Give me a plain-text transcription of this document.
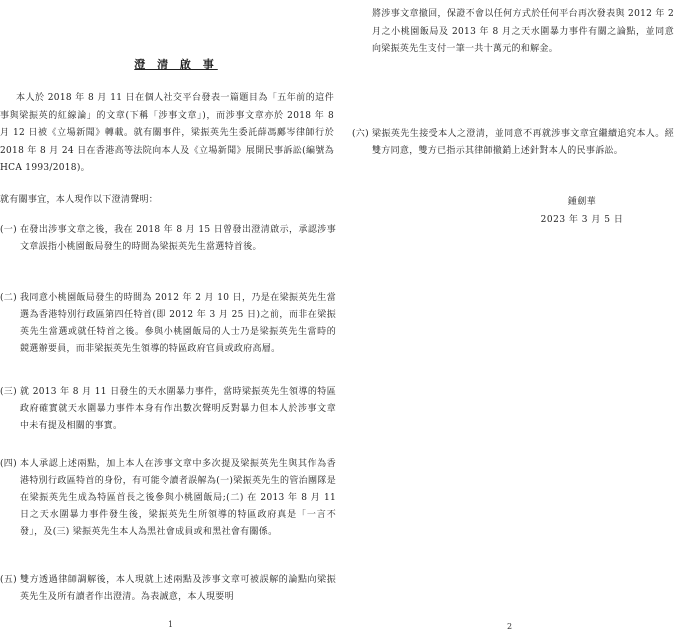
澄 清 啟 事
本人於 2018 年 8 月 11 日在個人社交平台發表一篇題目為「五年前的這件事與梁振英的紅線論」的文章(下稱「涉事文章」)，而涉事文章亦於 2018 年 8 月 12 日被《立場新聞》轉載。就有關事件，梁振英先生委託薛馮鄺岑律師行於 2018 年 8 月 24 日在香港高等法院向本人及《立場新聞》展開民事訴訟(編號為 HCA 1993/2018)。
就有關事宜，本人現作以下澄清聲明：
(一) 在發出涉事文章之後，我在 2018 年 8 月 15 日曾發出澄清啟示，承認涉事文章誤指小桃園飯局發生的時間為梁振英先生當選特首後。
(二) 我同意小桃園飯局發生的時間為 2012 年 2 月 10 日，乃是在梁振英先生當選為香港特別行政區第四任特首(即 2012 年 3 月 25 日)之前，而非在梁振英先生當選或就任特首之後。參與小桃園飯局的人士乃是梁振英先生當時的競選辦要員，而非梁振英先生領導的特區政府官員或政府高層。
(三) 就 2013 年 8 月 11 日發生的天水圍暴力事件，當時梁振英先生領導的特區政府確實就天水圍暴力事件本身有作出數次聲明反對暴力但本人於涉事文章中未有提及相關的事實。
(四) 本人承認上述兩點，加上本人在涉事文章中多次提及梁振英先生與其作為香港特別行政區特首的身份，有可能令讀者誤解為(一)梁振英先生的管治團隊是在梁振英先生成為特區首長之後參與小桃園飯局;(二) 在 2013 年 8 月 11 日之天水圍暴力事件發生後，梁振英先生所領導的特區政府真是「一言不發」，及(三) 梁振英先生本人為黑社會成員或和黑社會有關係。
(五) 雙方透過律師調解後，本人現就上述兩點及涉事文章可被誤解的論點向梁振英先生及所有讀者作出澄清。為表誠意，本人現要明
1
將涉事文章撤回，保證不會以任何方式於任何平台再次發表與 2012 年 2 月之小桃園飯局及 2013 年 8 月之天水圍暴力事件有關之論點，並同意向梁振英先生支付一筆一共十萬元的和解金。
(六) 梁振英先生接受本人之澄清，並同意不再就涉事文章宜繼續追究本人。經雙方同意，雙方已指示其律師撤銷上述針對本人的民事訴訟。
鍾劍華
2023 年 3 月 5 日
2
